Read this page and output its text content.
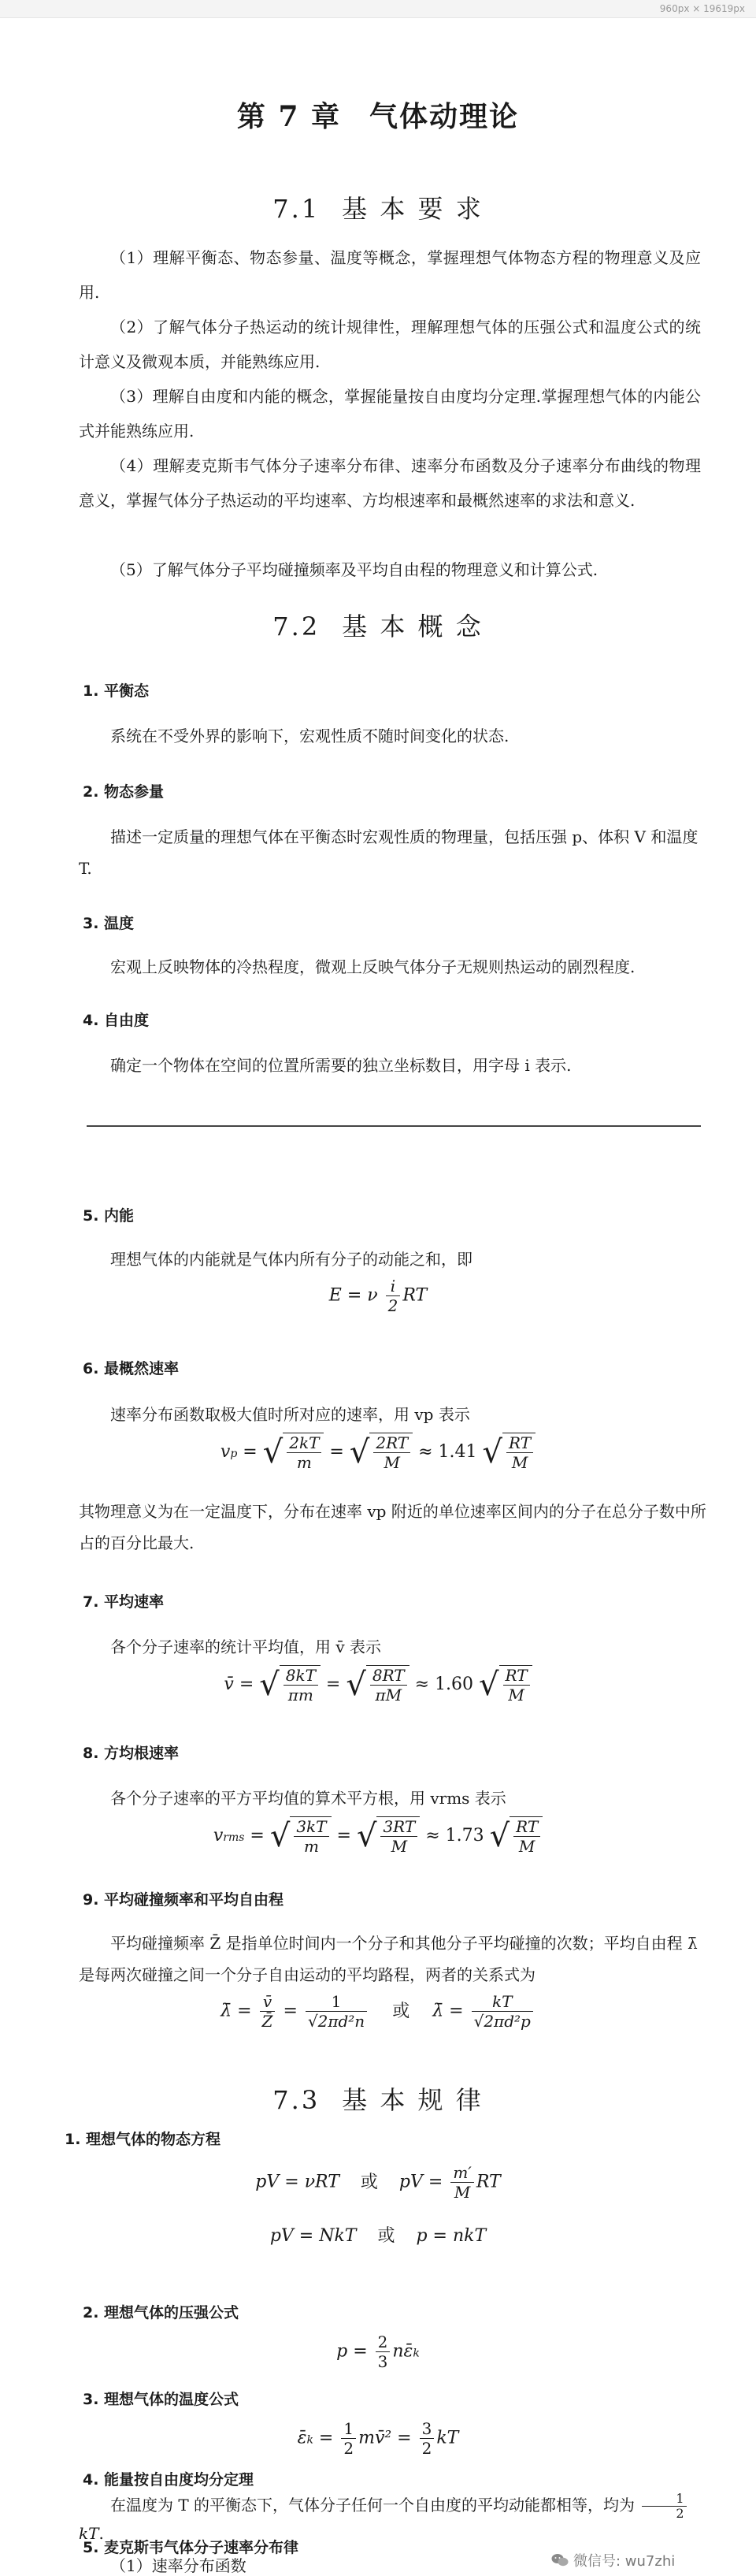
960px × 19619px
第 7 章 气体动理论
7.1 基 本 要 求
（1）理解平衡态、物态参量、温度等概念，掌握理想气体物态方程的物理意义及应用.
（2）了解气体分子热运动的统计规律性，理解理想气体的压强公式和温度公式的统计意义及微观本质，并能熟练应用.
（3）理解自由度和内能的概念，掌握能量按自由度均分定理.掌握理想气体的内能公式并能熟练应用.
（4）理解麦克斯韦气体分子速率分布律、速率分布函数及分子速率分布曲线的物理意义，掌握气体分子热运动的平均速率、方均根速率和最概然速率的求法和意义.
（5）了解气体分子平均碰撞频率及平均自由程的物理意义和计算公式.
7.2 基 本 概 念
1. 平衡态
系统在不受外界的影响下，宏观性质不随时间变化的状态.
2. 物态参量
描述一定质量的理想气体在平衡态时宏观性质的物理量，包括压强 p、体积 V 和温度 T.
3. 温度
宏观上反映物体的冷热程度，微观上反映气体分子无规则热运动的剧烈程度.
4. 自由度
确定一个物体在空间的位置所需要的独立坐标数目，用字母 i 表示.
5. 内能
理想气体的内能就是气体内所有分子的动能之和，即
E = ν $\frac{i}{2}$ RT
6. 最概然速率
速率分布函数取极大值时所对应的速率，用 vp 表示
vp = √ $\frac{2kT}{m}$ = √ $\frac{2RT}{M} \approx 1.41$ √ $\frac{RT}{M}$
其物理意义为在一定温度下，分布在速率 vp 附近的单位速率区间内的分子在总分子数中所占的百分比最大.
7. 平均速率
各个分子速率的统计平均值，用 v̄ 表示
v̄ = √ $\frac{8kT}{\pi m}$ = √ $\frac{8RT}{\pi M} \approx 1.60$ √ $\frac{RT}{M}$
8. 方均根速率
各个分子速率的平方平均值的算术平方根，用 vrms 表示
vrms = √ $\frac{3kT}{m}$ = √ $\frac{3RT}{M} \approx 1.73$ √ $\frac{RT}{M}$
9. 平均碰撞频率和平均自由程
平均碰撞频率 Z̄ 是指单位时间内一个分子和其他分子平均碰撞的次数；平均自由程 λ̄ 是每两次碰撞之间一个分子自由运动的平均路程，两者的关系式为
λ̄ = $\frac{v̄}{Z̄} = \frac{1}{\text{√2πd²n}}$ 或 λ̄ = $\frac{kT}{\text{√2πd²p}}$
7.3 基 本 规 律
1. 理想气体的物态方程
pV = νRT 或 pV = $\frac{m'}{M}$ RT
pV = NkT 或 p = nkT
2. 理想气体的压强公式
$p = \frac{2}{3}$ nε̄k
3. 理想气体的温度公式
ε̄k = $\frac{1}{2}$ mv̄² = $\frac{3}{2}$ kT
4. 能量按自由度均分定理
在温度为 T 的平衡态下，气体分子任何一个自由度的平均动能都相等，均为 $\frac{1}{2}$
kT.
5. 麦克斯韦气体分子速率分布律
（1）速率分布函数	微信号: wu7zhi
